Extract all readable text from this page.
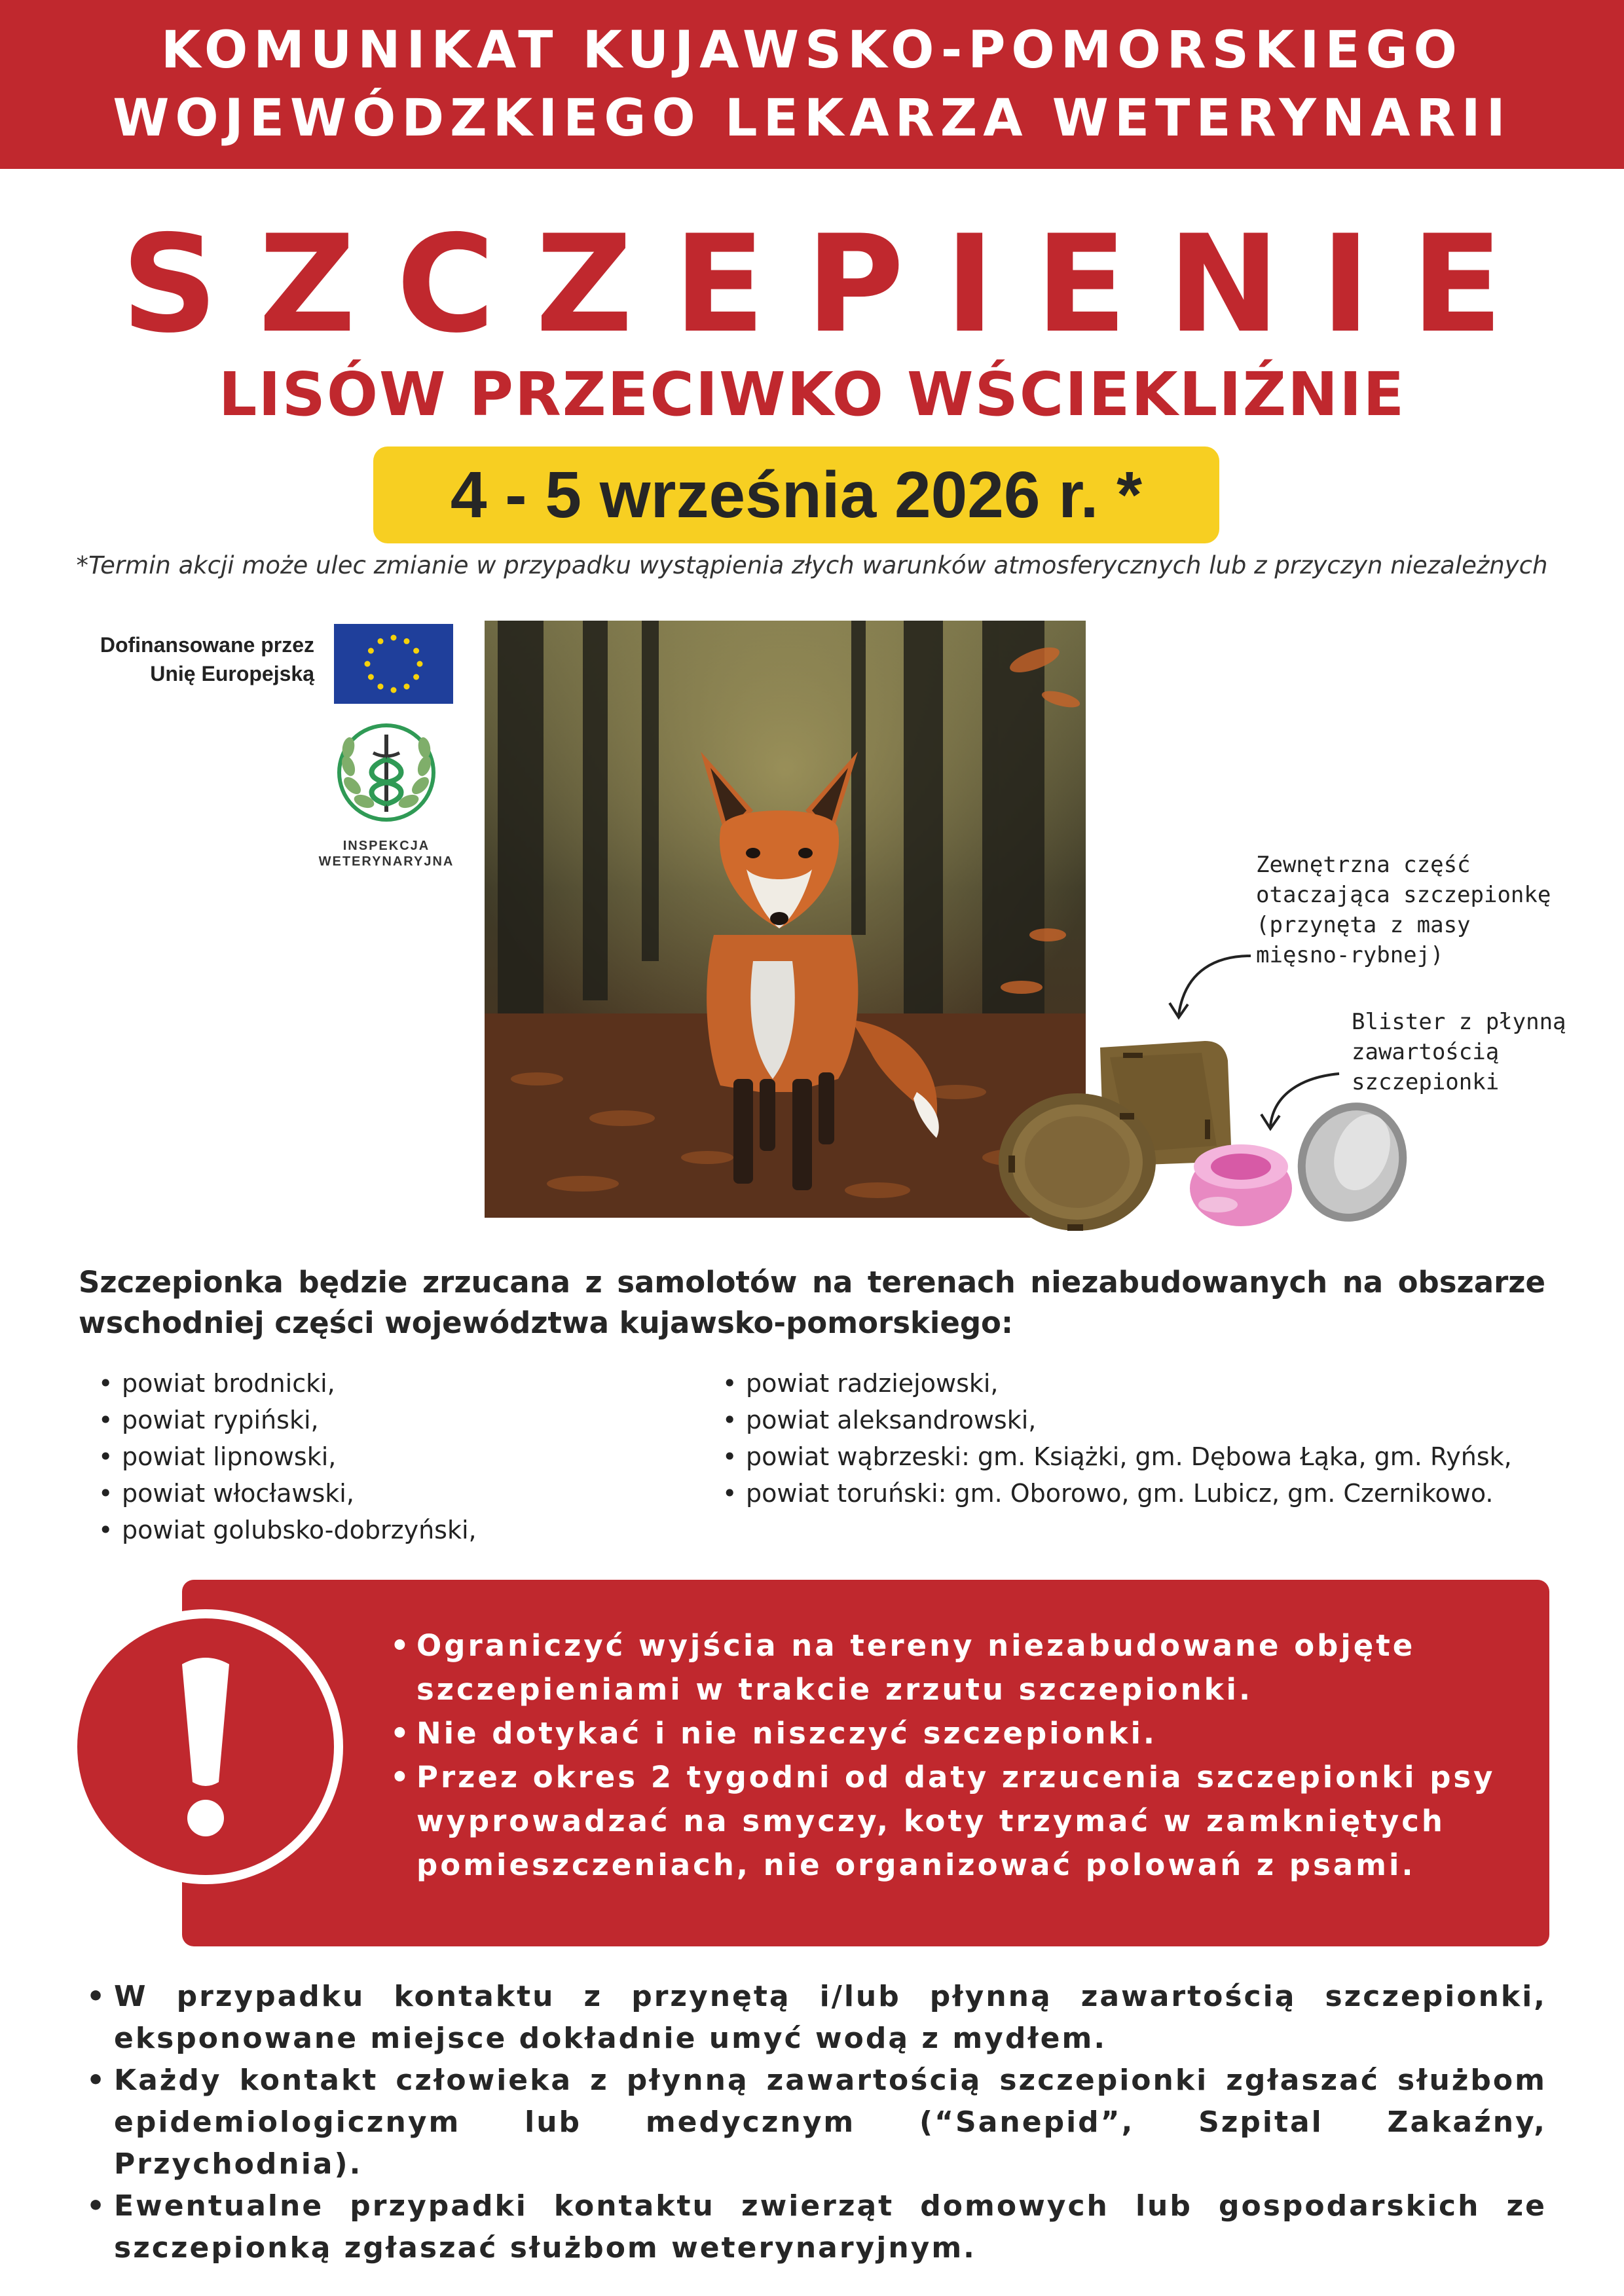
KOMUNIKAT KUJAWSKO-POMORSKIEGO
WOJEWÓDZKIEGO LEKARZA WETERYNARII
SZCZEPIENIE
LISÓW PRZECIWKO WŚCIEKLIŹNIE
4 - 5 września 2026 r. *
*Termin akcji może ulec zmianie w przypadku wystąpienia złych warunków atmosferycznych lub z przyczyn niezależnych
Dofinansowane przez
Unię Europejską
INSPEKCJA
WETERYNARYJNA	Zewnętrzna część
otaczająca szczepionkę
(przynęta z masy
mięsno-rybnej)
Blister z płynną
zawartością
szczepionki
Szczepionka będzie zrzucana z samolotów na terenach niezabudowanych na obszarze wschodniej części województwa kujawsko-pomorskiego:
• powiat brodnicki,
• powiat rypiński,
• powiat lipnowski,
• powiat włocławski,
• powiat golubsko-dobrzyński,
• powiat radziejowski,
• powiat aleksandrowski,
• powiat wąbrzeski: gm. Książki, gm. Dębowa Łąka, gm. Ryńsk,
• powiat toruński: gm. Oborowo, gm. Lubicz, gm. Czernikowo.
• Ograniczyć wyjścia na tereny niezabudowane objęte
szczepieniami w trakcie zrzutu szczepionki.
• Nie dotykać i nie niszczyć szczepionki.
• Przez okres 2 tygodni od daty zrzucenia szczepionki psy
wyprowadzać na smyczy, koty trzymać w zamkniętych
pomieszczeniach, nie organizować polowań z psami.
• W przypadku kontaktu z przynętą i/lub płynną zawartością szczepionki, eksponowane miejsce dokładnie umyć wodą z mydłem.
• Każdy kontakt człowieka z płynną zawartością szczepionki zgłaszać służbom epidemiologicznym lub medycznym (“Sanepid”, Szpital Zakaźny, Przychodnia).
• Ewentualne przypadki kontaktu zwierząt domowych lub gospodarskich ze szczepionką zgłaszać służbom weterynaryjnym.
